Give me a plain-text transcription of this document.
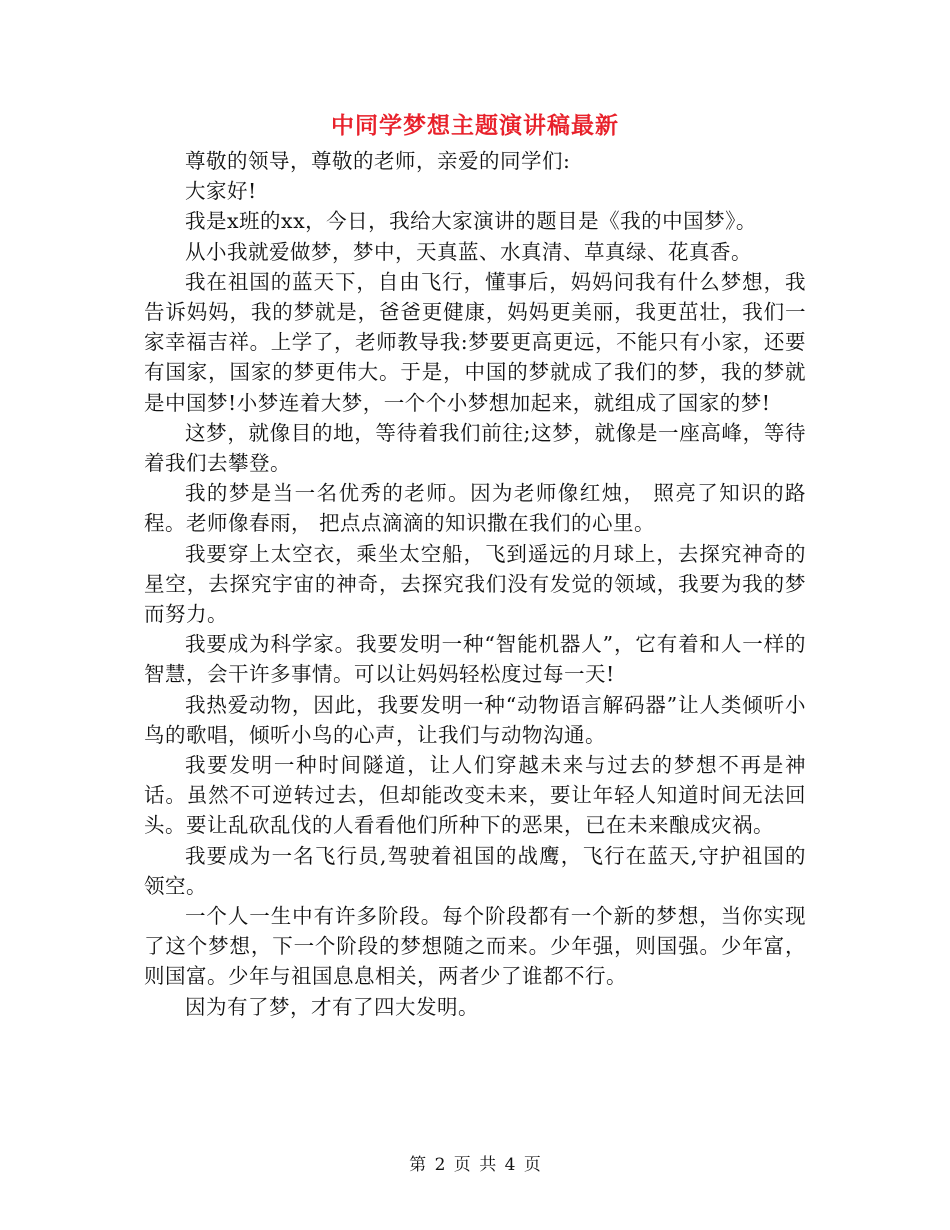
中同学梦想主题演讲稿最新

尊敬的领导，尊敬的老师，亲爱的同学们:

大家好!

我是x班的xx，今日，我给大家演讲的题目是《我的中国梦》。

从小我就爱做梦，梦中，天真蓝、水真清、草真绿、花真香。

我在祖国的蓝天下，自由飞行，懂事后，妈妈问我有什么梦想，我告诉妈妈，我的梦就是，爸爸更健康，妈妈更美丽，我更茁壮，我们一家幸福吉祥。上学了，老师教导我:梦要更高更远，不能只有小家，还要有国家，国家的梦更伟大。于是，中国的梦就成了我们的梦，我的梦就是中国梦!小梦连着大梦，一个个小梦想加起来，就组成了国家的梦!

这梦，就像目的地，等待着我们前往;这梦，就像是一座高峰，等待着我们去攀登。

我的梦是当一名优秀的老师。因为老师像红烛， 照亮了知识的路程。老师像春雨， 把点点滴滴的知识撒在我们的心里。

我要穿上太空衣，乘坐太空船，飞到遥远的月球上，去探究神奇的星空，去探究宇宙的神奇，去探究我们没有发觉的领域，我要为我的梦而努力。

我要成为科学家。我要发明一种“智能机器人”，它有着和人一样的智慧，会干许多事情。可以让妈妈轻松度过每一天!

我热爱动物，因此，我要发明一种“动物语言解码器”让人类倾听小鸟的歌唱，倾听小鸟的心声，让我们与动物沟通。

我要发明一种时间隧道，让人们穿越未来与过去的梦想不再是神话。虽然不可逆转过去，但却能改变未来，要让年轻人知道时间无法回头。要让乱砍乱伐的人看看他们所种下的恶果，已在未来酿成灾祸。

我要成为一名飞行员,驾驶着祖国的战鹰，飞行在蓝天,守护祖国的领空。

一个人一生中有许多阶段。每个阶段都有一个新的梦想，当你实现了这个梦想，下一个阶段的梦想随之而来。少年强，则国强。少年富，则国富。少年与祖国息息相关，两者少了谁都不行。

因为有了梦，才有了四大发明。

第 2 页 共 4 页
